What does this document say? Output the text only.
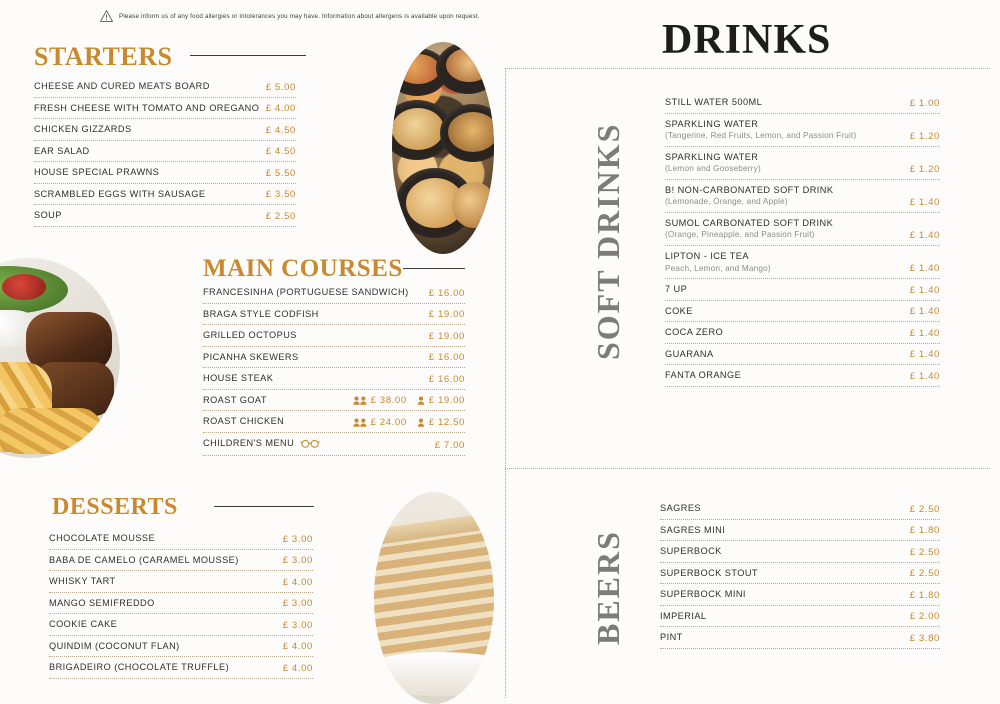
Please inform us of any food allergies or intolerances you may have. Information about allergens is available upon request.
STARTERS
CHEESE AND CURED MEATS BOARD	£ 5.00
FRESH CHEESE WITH TOMATO AND OREGANO £ 4.00
CHICKEN GIZZARDS	£ 4.50
EAR SALAD	£ 4.50
HOUSE SPECIAL PRAWNS	£ 5.50
SCRAMBLED EGGS WITH SAUSAGE	£ 3.50
SOUP	£ 2.50
MAIN COURSES
FRANCESINHA (PORTUGUESE SANDWICH)	£ 16.00
BRAGA STYLE CODFISH	£ 19.00
GRILLED OCTOPUS	£ 19.00
PICANHA SKEWERS	£ 16.00
HOUSE STEAK	£ 16.00
ROAST GOAT	£ 38.00 £ 19.00
ROAST CHICKEN	£ 24.00 £ 12.50
CHILDREN'S MENU	£ 7.00
DESSERTS
CHOCOLATE MOUSSE	£ 3.00
BABA DE CAMELO (CARAMEL MOUSSE)	£ 3.00
WHISKY TART	£ 4.00
MANGO SEMIFREDDO	£ 3.00
COOKIE CAKE	£ 3.00
QUINDIM (COCONUT FLAN)	£ 4.00
BRIGADEIRO (CHOCOLATE TRUFFLE)	£ 4.00
DRINKS
SOFT DRINKS
STILL WATER 500ML	£ 1.00
SPARKLING WATER
(Tangerine, Red Fruits, Lemon, and Passion Fruit)	£ 1.20
SPARKLING WATER
(Lemon and Gooseberry)	£ 1.20
B! NON-CARBONATED SOFT DRINK
(Lemonade, Orange, and Apple)	£ 1.40
SUMOL CARBONATED SOFT DRINK
(Orange, Pineapple, and Passion Fruit)	£ 1.40
LIPTON - ICE TEA
Peach, Lemon, and Mango)	£ 1.40
7 UP	£ 1.40
COKE	£ 1.40
COCA ZERO	£ 1.40
GUARANA	£ 1.40
FANTA ORANGE	£ 1.40
BEERS
SAGRES	£ 2.50
SAGRES MINI	£ 1.80
SUPERBOCK	£ 2.50
SUPERBOCK STOUT	£ 2.50
SUPERBOCK MINI	£ 1.80
IMPERIAL	£ 2.00
PINT	£ 3.80
